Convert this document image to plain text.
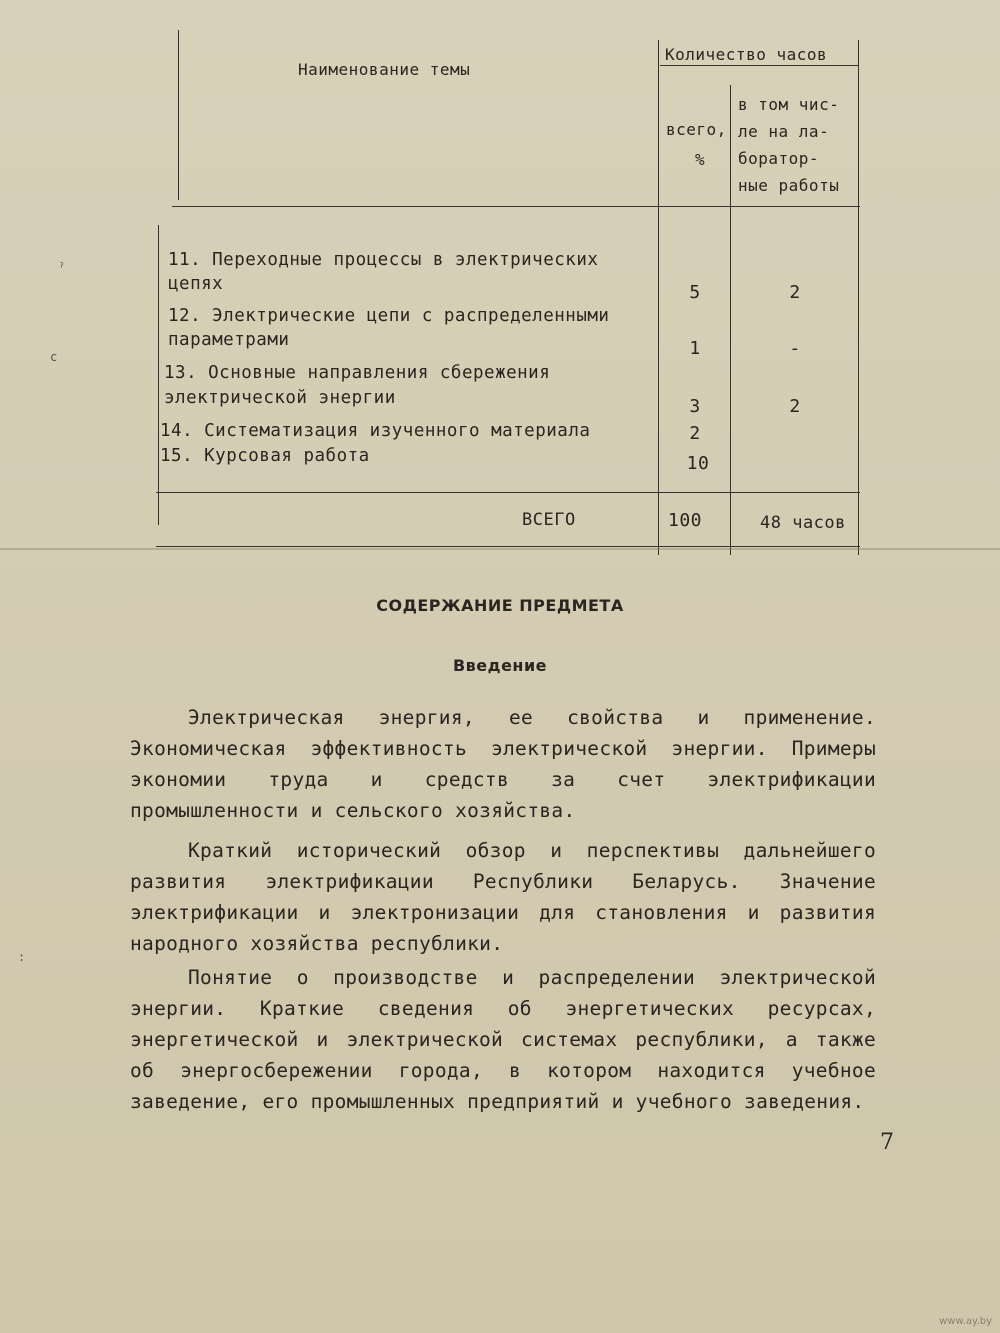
Наименование темы
Количество часов
всего,
%
в том чис-
ле на ла-
боратор-
ные работы
11. Переходные процессы в электрических
цепях	5	2
12. Электрические цепи с распределенными
параметрами	1	-
13. Основные направления сбережения
электрической энергии	3	2
14. Систематизация изученного материала	2
15. Курсовая работа	10
ВСЕГО	100	48 часов
СОДЕРЖАНИЕ ПРЕДМЕТА
Введение

Электрическая энергия, ее свойства и применение. Экономическая эффективность электрической энергии. Примеры экономии труда и средств за счет электрификации промышленности и сельского хозяйства.

Краткий исторический обзор и перспективы дальнейшего развития электрификации Республики Беларусь. Значение электрификации и электронизации для становления и развития народного хозяйства республики.

Понятие о производстве и распределении электрической энергии. Краткие сведения об энергетических ресурсах, энергетической и электрической системах республики, а также об энергосбережении города, в котором находится учебное заведение, его промышленных предприятий и учебного заведения.

7
ˀ
c
:
www.ay.by
